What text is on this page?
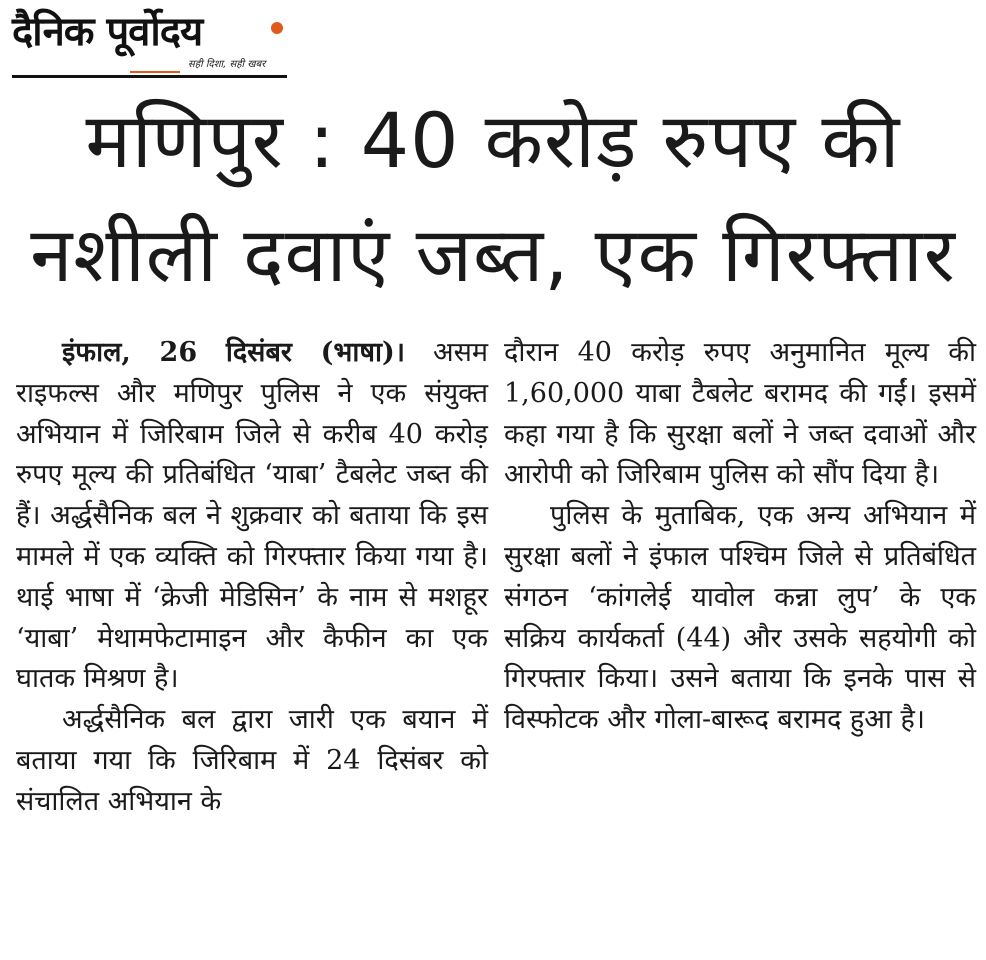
दैनिक पूर्वोदय
सही दिशा, सही खबर
मणिपुर : 40 करोड़ रुपए की
नशीली दवाएं जब्त, एक गिरफ्तार

इंफाल, 26 दिसंबर (भाषा)। असम राइफल्स और मणिपुर पुलिस ने एक संयुक्त अभियान में जिरिबाम जिले से करीब 40 करोड़ रुपए मूल्य की प्रतिबंधित ‘याबा’ टैबलेट जब्त की हैं। अर्द्धसैनिक बल ने शुक्रवार को बताया कि इस मामले में एक व्यक्ति को गिरफ्तार किया गया है। थाई भाषा में ‘क्रेजी मेडिसिन’ के नाम से मशहूर ‘याबा’ मेथामफेटामाइन और कैफीन का एक घातक मिश्रण है।

अर्द्धसैनिक बल द्वारा जारी एक बयान में बताया गया कि जिरिबाम में 24 दिसंबर को संचालित अभियान के

दौरान 40 करोड़ रुपए अनुमानित मूल्य की 1,60,000 याबा टैबलेट बरामद की गईं। इसमें कहा गया है कि सुरक्षा बलों ने जब्त दवाओं और आरोपी को जिरिबाम पुलिस को सौंप दिया है।

पुलिस के मुताबिक, एक अन्य अभियान में सुरक्षा बलों ने इंफाल पश्चिम जिले से प्रतिबंधित संगठन ‘कांगलेई यावोल कन्ना लुप’ के एक सक्रिय कार्यकर्ता (44) और उसके सहयोगी को गिरफ्तार किया। उसने बताया कि इनके पास से विस्फोटक और गोला-बारूद बरामद हुआ है।
